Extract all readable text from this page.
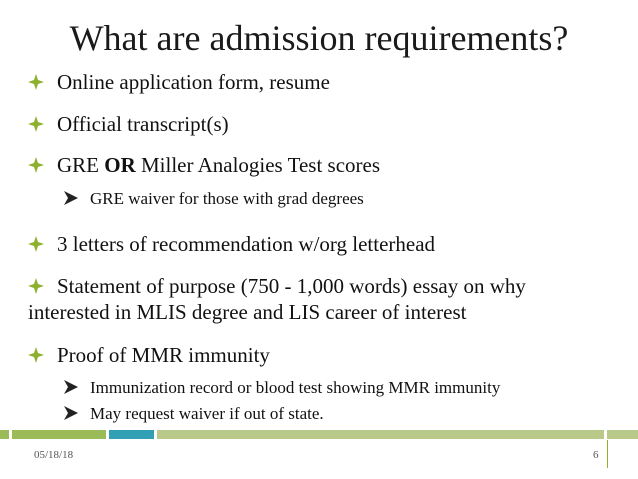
What are admission requirements?
Online application form, resume
Official transcript(s)
GRE OR Miller Analogies Test scores
GRE waiver for those with grad degrees
3 letters of recommendation w/org letterhead
Statement of purpose (750 - 1,000 words) essay on why interested in MLIS degree and LIS career of interest
Proof of MMR immunity
Immunization record or blood test showing MMR immunity
May request waiver if out of state.
05/18/18	6
